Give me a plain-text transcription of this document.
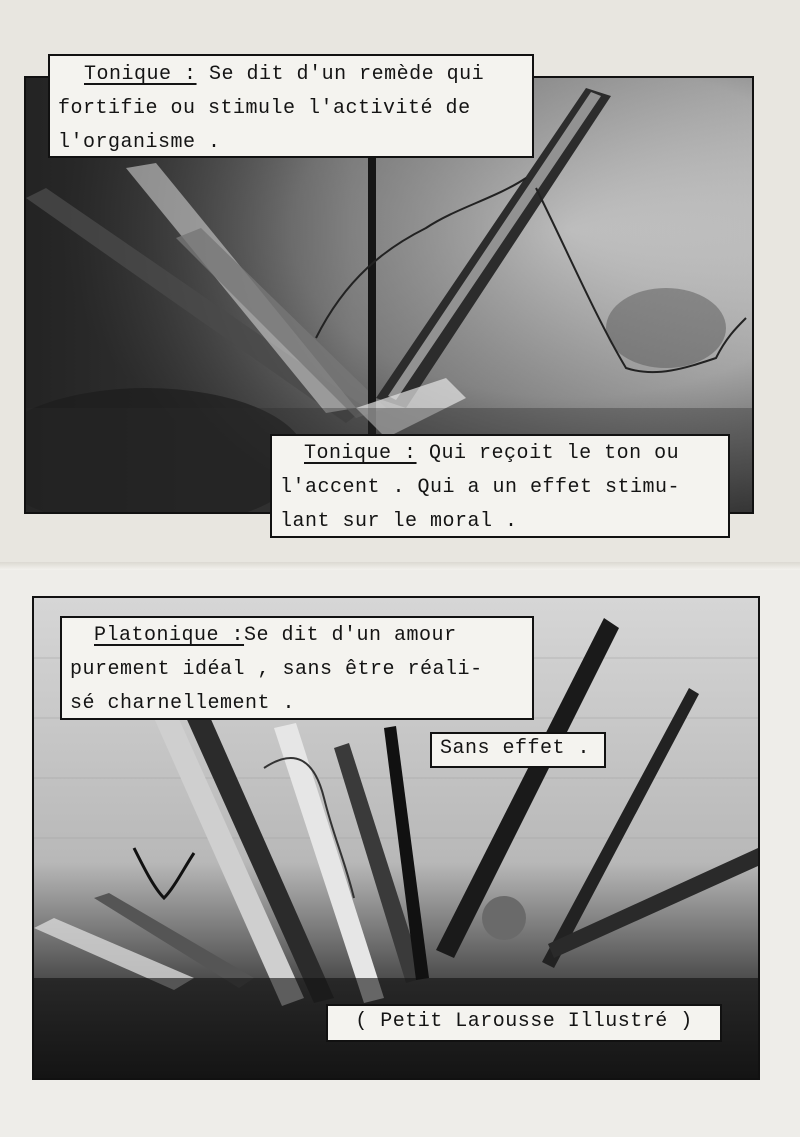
Tonique : Se dit d'un remède qui
fortifie ou stimule l'activité de
l'organisme .
Tonique : Qui reçoit le ton ou
l'accent . Qui a un effet stimu-
lant sur le moral .
Platonique :Se dit d'un amour
purement idéal , sans être réali-
sé charnellement .
Sans effet .
( Petit Larousse Illustré )
